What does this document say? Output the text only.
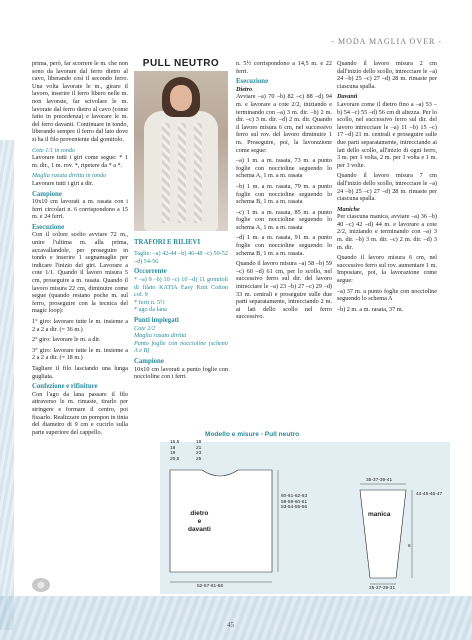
- MODA MAGLIA OVER -

prima, però, far scorrere le m. che non sono da lavorare dal ferro dietro al cavo, liberando così il secondo ferro. Una volta lavorate le m., girare il lavoro, inserire il ferro libero nelle m. non lavorate, far scivolare le m. lavorate dal ferro dietro al cavo (come fatto in precedenza) e lavorare le m. del ferro davanti. Continuare in tondo, liberando sempre il ferro dal lato dove si ha il filo proveniente dal gomitolo.

Cote 1/1 in tondo

Lavorare tutti i giri come segue: * 1 m. dir., 1 m. rov. *, ripetere da * a *.

Maglia rasata diritta in tondo

Lavorare tutti i giri a dir.

Campione

10x10 cm lavorati a m. rasata con i ferri circolari n. 6 corrispondono a 15 m. e 24 ferri.

Esecuzione

Con il colore scelto avviare 72 m., unire l'ultima m. alla prima, accavallandole, per proseguire in tondo e inserire 1 segnamaglie per indicare l'inizio dei giri. Lavorare a cote 1/1. Quando il lavoro misura 5 cm, proseguire a m. rasata. Quando il lavoro misura 22 cm, diminuire come segue (quando restano poche m. sul ferro, proseguire con la tecnica del magic loop):

1° giro: lavorare tutte le m. insieme a 2 a 2 a dir. (= 36 m.)

2° giro: lavorare le m. a dir.

3° giro: lavorare tutte le m. insieme a 2 a 2 a dir. (= 18 m.)

Tagliare il filo lasciando una lunga gugliata.

Confezione e rifiniture

Con l'ago da lana passare il filo attraverso le m. rimaste, tirarlo per stringere e formare il centro, poi fissarlo. Realizzare un pompon in tinta del diametro di 9 cm e cucirlo sulla parte superiore del cappello.

PULL NEUTRO
TRAFORI E RILIEVI

Taglie: –a) 42-44 –b) 46-48 –c) 50-52 –d) 54-56

Occorrente

* –a) 9 –b) 10 –c) 10 –d) 11 gomitoli di filato KATIA Easy Knit Cotton col. 9

* ferri n. 5½

* ago da lana

Punti impiegati
Cote 2/2
Maglia rasata diritta

Punto foglie con noccioline (schemi A e B)

Campione

10x10 cm lavorati a punto foglie con noccioline con i ferri

n. 5½ corrispondono a 14,5 m. e 22 ferri.

Esecuzione
Dietro

Avviare –a) 70 –b) 82 –c) 88 –d) 94 m. e lavorare a cote 2/2, iniziando e terminando con –a) 3 m. dir. –b) 2 m. dir. –c) 3 m. dir. –d) 2 m. dir. Quando il lavoro misura 6 cm, nel successivo ferro sul rov. del lavoro diminuire 1 m. Proseguire, poi, la lavorazione come segue:

–a) 1 m. a m. rasata, 73 m. a punto foglie con noccioline seguendo lo schema A, 1 m. a m. rasata

–b) 1 m. a m. rasata, 79 m. a punto foglie con noccioline seguendo lo schema B, 1 m. a m. rasata

–c) 1 m. a m. rasata, 85 m. a punto foglie con noccioline seguendo lo schema A, 1 m. a m. rasata

–d) 1 m. a m. rasata, 91 m. a punto foglie con noccioline seguendo lo schema B, 1 m. a m. rasata.

Quando il lavoro misura –a) 58 –b) 59 –c) 60 –d) 61 cm, per lo scollo, nel successivo ferro sul dir. del lavoro intrecciare le –a) 23 –b) 27 –c) 29 –d) 33 m. centrali e proseguire sulle due parti separatamente, intrecciando 2 m. ai lati dello scollo nel ferro successivo.

Quando il lavoro misura 2 cm dall'inizio dello scollo, intrecciare le –a) 24 –b) 25 –c) 27 –d) 28 m. rimaste per ciascuna spalla.

Davanti

Lavorare come il dietro fino a –a) 53 –b) 54 –c) 55 –d) 56 cm di altezza. Per lo scollo, nel successivo ferro sul dir. del lavoro intrecciare le –a) 11 –b) 15 –c) 17 –d) 21 m. centrali e proseguire sulle due parti separatamente, intrecciando ai lati dello scollo, all'inizio di ogni ferro, 3 m. per 1 volta, 2 m. per 1 volta e 1 m. per 3 volte.

Quando il lavoro misura 7 cm dall'inizio dello scollo, intrecciare le –a) 24 –b) 25 –c) 27 –d) 28 m. rimaste per ciascuna spalla.

Maniche

Per ciascuna manica, avviare –a) 36 –b) 40 –c) 42 –d) 44 m. e lavorare a cote 2/2, iniziando e terminando con –a) 3 m. dir. –b) 3 m. dir. –c) 2 m. dir. –d) 3 m. dir.

Quando il lavoro misura 6 cm, nel successivo ferro sul rov. aumentare 1 m. Impostare, poi, la lavorazione come segue:

–a) 37 m. a punto foglie con noccioline seguendo lo schema A

–b) 2 m. a m. rasata, 37 m.

Modello e misure - Pull neutro
16,5
18
19
20,5
19
21
23
25
60-61-62-63
58-59-60-61
53-54-55-56
dietro
e
davanti
52-57-61-66
35-37-39-41
44-45-46-47
6
manica
25-27-29-31
45
